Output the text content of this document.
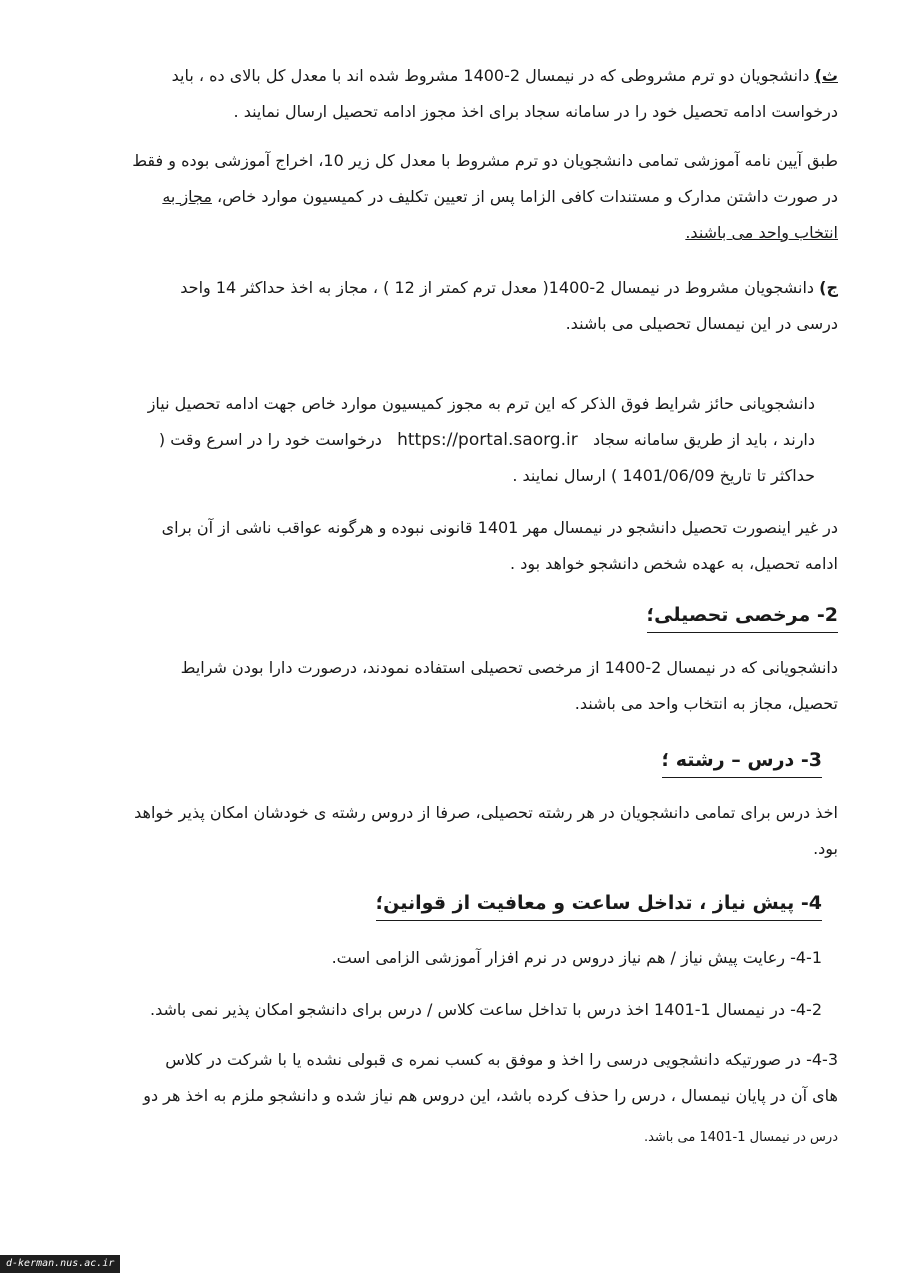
ث) دانشجویان دو ترم مشروطی که در نیمسال 2-1400 مشروط شده اند با معدل کل بالای ده ، باید
درخواست ادامه تحصیل خود را در سامانه سجاد برای اخذ مجوز ادامه تحصیل ارسال نمایند .
طبق آیین نامه آموزشی تمامی دانشجویان دو ترم مشروط با معدل کل زیر 10، اخراج آموزشی بوده و فقط
در صورت داشتن مدارک و مستندات کافی الزاما پس از تعیین تکلیف در کمیسیون موارد خاص، مجاز به
انتخاب واحد می باشند.
ج) دانشجویان مشروط در نیمسال 2-1400( معدل ترم کمتر از 12 ) ، مجاز به اخذ حداکثر 14 واحد
درسی در این نیمسال تحصیلی می باشند.
دانشجویانی حائز شرایط فوق الذکر که این ترم به مجوز کمیسیون موارد خاص جهت ادامه تحصیل نیاز
دارند ، باید از طریق سامانه سجاد   https://portal.saorg.ir   درخواست خود را در اسرع وقت (
حداکثر تا تاریخ 1401/06/09 ) ارسال نمایند .
در غیر اینصورت تحصیل دانشجو در نیمسال مهر 1401 قانونی نبوده و هرگونه عواقب ناشی از آن برای
ادامه تحصیل، به عهده شخص دانشجو خواهد بود .
2- مرخصی تحصیلی؛
دانشجویانی که در نیمسال 2-1400 از مرخصی تحصیلی استفاده نمودند، درصورت دارا بودن شرایط
تحصیل، مجاز به انتخاب واحد می باشند.
3- درس – رشته ؛
اخذ درس برای تمامی دانشجویان در هر رشته تحصیلی، صرفا از دروس رشته ی خودشان امکان پذیر خواهد
بود.
4- پیش نیاز ، تداخل ساعت و معافیت از قوانین؛
4-1- رعایت پیش نیاز / هم نیاز دروس در نرم افزار آموزشی الزامی است.
4-2- در نیمسال 1-1401 اخذ درس با تداخل ساعت کلاس / درس برای دانشجو امکان پذیر نمی باشد.
4-3- در صورتیکه دانشجویی درسی را اخذ و موفق به کسب نمره ی قبولی نشده یا با شرکت در کلاس
های آن در پایان نیمسال ، درس را حذف کرده باشد، این دروس هم نیاز شده و دانشجو ملزم به اخذ هر دو
درس در نیمسال 1-1401 می باشد.
d-kerman.nus.ac.ir
